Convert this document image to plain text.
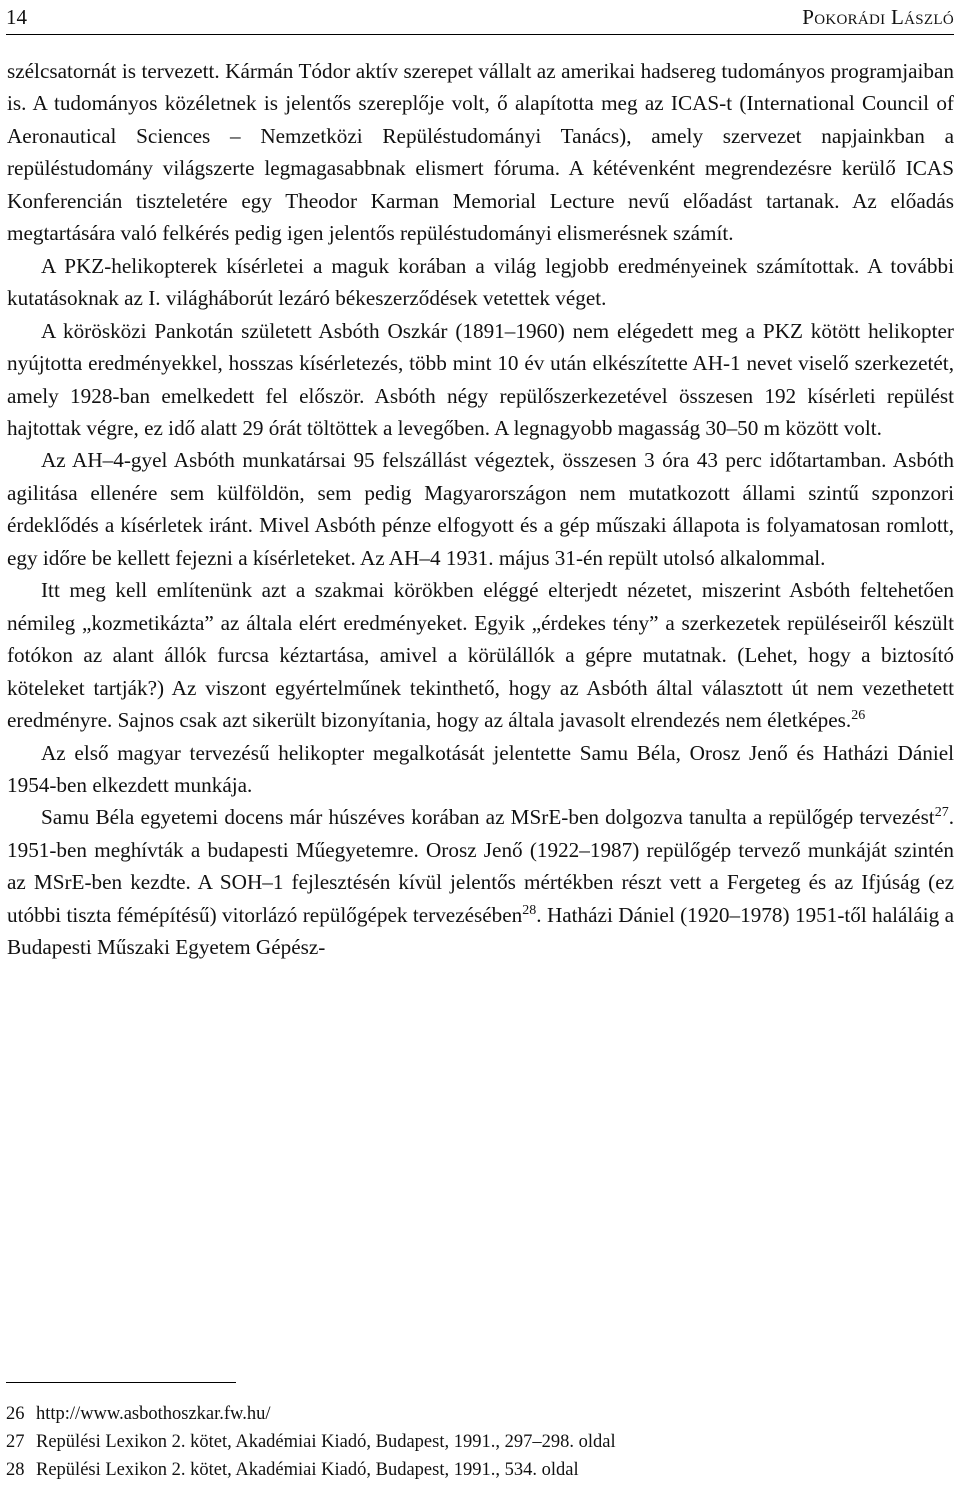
14	Pokorádi László

szélcsatornát is tervezett. Kármán Tódor aktív szerepet vállalt az amerikai hadsereg tudományos programjaiban is. A tudományos közéletnek is jelentős szereplője volt, ő alapította meg az ICAS-t (International Council of Aeronautical Sciences – Nemzetközi Repüléstudományi Tanács), amely szervezet napjainkban a repüléstudomány világszerte legmagasabbnak elismert fóruma. A kétévenként megrendezésre kerülő ICAS Konferencián tiszteletére egy Theodor Karman Memorial Lecture nevű előadást tartanak. Az előadás megtartására való felkérés pedig igen jelentős repüléstudományi elismerésnek számít.

A PKZ-helikopterek kísérletei a maguk korában a világ legjobb eredményeinek számítottak. A további kutatásoknak az I. világháborút lezáró békeszerződések vetettek véget.

A körösközi Pankotán született Asbóth Oszkár (1891–1960) nem elégedett meg a PKZ kötött helikopter nyújtotta eredményekkel, hosszas kísérletezés, több mint 10 év után elkészítette AH-1 nevet viselő szerkezetét, amely 1928-ban emelkedett fel először. Asbóth négy repülőszerkezetével összesen 192 kísérleti repülést hajtottak végre, ez idő alatt 29 órát töltöttek a levegőben. A legnagyobb magasság 30–50 m között volt.

Az AH–4-gyel Asbóth munkatársai 95 felszállást végeztek, összesen 3 óra 43 perc időtartamban. Asbóth agilitása ellenére sem külföldön, sem pedig Magyarországon nem mutatkozott állami szintű szponzori érdeklődés a kísérletek iránt. Mivel Asbóth pénze elfogyott és a gép műszaki állapota is folyamatosan romlott, egy időre be kellett fejezni a kísérleteket. Az AH–4 1931. május 31-én repült utolsó alkalommal.

Itt meg kell említenünk azt a szakmai körökben eléggé elterjedt nézetet, miszerint Asbóth feltehetően némileg „kozmetikázta” az általa elért eredményeket. Egyik „érdekes tény” a szerkezetek repüléseiről készült fotókon az alant állók furcsa kéztartása, amivel a körülállók a gépre mutatnak. (Lehet, hogy a biztosító köteleket tartják?) Az viszont egyértelműnek tekinthető, hogy az Asbóth által választott út nem vezethetett eredményre. Sajnos csak azt sikerült bizonyítania, hogy az általa javasolt elrendezés nem életképes.$^{26}$

Az első magyar tervezésű helikopter megalkotását jelentette Samu Béla, Orosz Jenő és Hatházi Dániel 1954-ben elkezdett munkája.

Samu Béla egyetemi docens már húszéves korában az MSrE-ben dolgozva tanulta a repülőgép tervezést$^{27}$. 1951-ben meghívták a budapesti Műegyetemre. Orosz Jenő (1922–1987) repülőgép tervező munkáját szintén az MSrE-ben kezdte. A SOH–1 fejlesztésén kívül jelentős mértékben részt vett a Fergeteg és az Ifjúság (ez utóbbi tiszta fémépítésű) vitorlázó repülőgépek tervezésében$^{28}$. Hatházi Dániel (1920–1978) 1951-től haláláig a Budapesti Műszaki Egyetem Gépész-

26 http://www.asbothoszkar.fw.hu/
27 Repülési Lexikon 2. kötet, Akadémiai Kiadó, Budapest, 1991., 297–298. oldal
28 Repülési Lexikon 2. kötet, Akadémiai Kiadó, Budapest, 1991., 534. oldal
